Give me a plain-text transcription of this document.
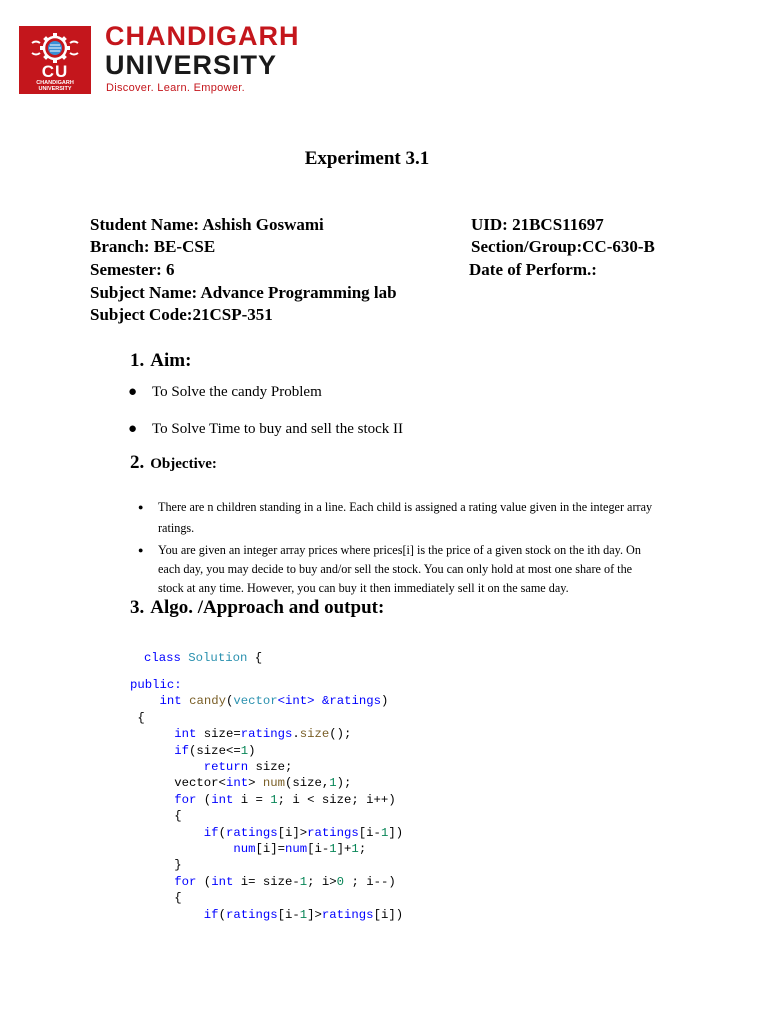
CU
CHANDIGARH
UNIVERSITY
CHANDIGARH
UNIVERSITY
Discover. Learn. Empower.
Experiment 3.1
Student Name: Ashish Goswami	UID: 21BCS11697
Branch: BE-CSE	Section/Group:CC-630-B
Semester: 6	Date of Perform.:
Subject Name: Advance Programming lab
Subject Code:21CSP-351
1. Aim:
● To Solve the candy Problem
● To Solve Time to buy and sell the stock II
2. Objective:
● There are n children standing in a line. Each child is assigned a rating value given in the integer array
ratings.
● You are given an integer array prices where prices[i] is the price of a given stock on the ith day. On
each day, you may decide to buy and/or sell the stock. You can only hold at most one share of the
stock at any time. However, you can buy it then immediately sell it on the same day.
3. Algo. /Approach and output:
class Solution {
public:
int candy(vector<int> &ratings)
{
int size=ratings.size();
if(size<=1)
return size;
vector<int> num(size,1);
for (int i = 1; i < size; i++)
{
if(ratings[i]>ratings[i-1])
num[i]=num[i-1]+1;
}
for (int i= size-1; i>0 ; i--)
{
if(ratings[i-1]>ratings[i])
